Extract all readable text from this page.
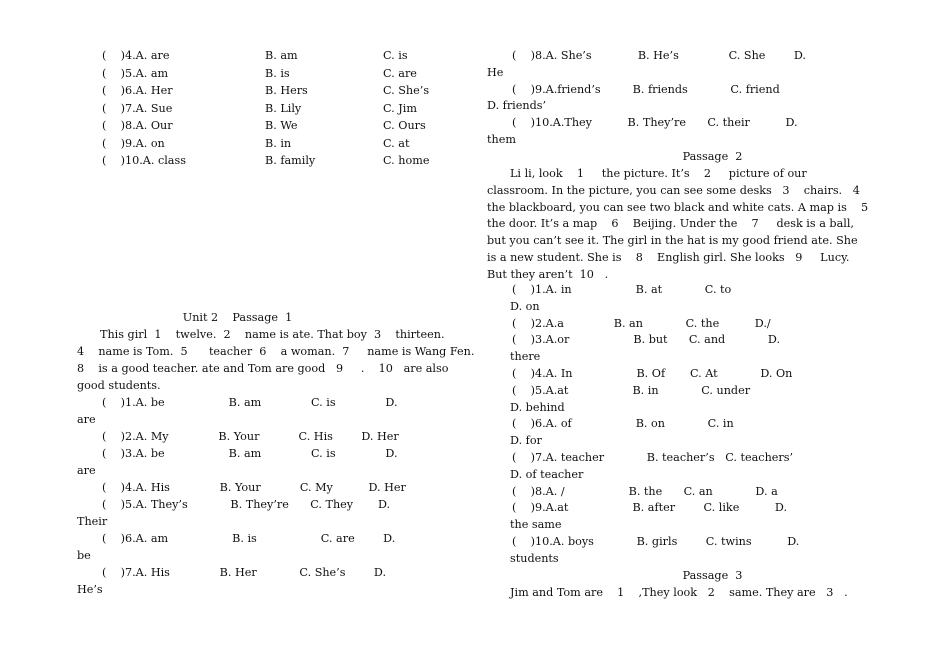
(    )4.A. are	B. am	C. is
(    )5.A. am	B. is	C. are
(    )6.A. Her	B. Hers	C. She’s
(    )7.A. Sue	B. Lily	C. Jim
(    )8.A. Our	B. We	C. Ours
(    )9.A. on	B. in	C. at
(    )10.A. class	B. family	C. home
Unit 2    Passage  1
This girl  1    twelve.  2    name is ate. That boy  3    thirteen.
4    name is Tom.  5      teacher  6    a woman.  7     name is Wang Fen.
8    is a good teacher. ate and Tom are good   9     .    10   are also
good students.
(    )1.A. be                  B. am              C. is              D.
are
(    )2.A. My              B. Your           C. His        D. Her
(    )3.A. be                  B. am              C. is              D.
are
(    )4.A. His              B. Your           C. My          D. Her
(    )5.A. They’s            B. They’re      C. They       D.
Their
(    )6.A. am                  B. is                  C. are        D.
be
(    )7.A. His              B. Her            C. She’s        D.
He’s
(    )8.A. She’s             B. He’s              C. She        D.
He
(    )9.A.friend’s         B. friends            C. friend
D. friends’
(    )10.A.They          B. They’re      C. their          D.
them
Passage  2
Li li, look    1     the picture. It’s    2     picture of our
classroom. In the picture, you can see some desks   3    chairs.   4
the blackboard, you can see two black and white cats. A map is    5
the door. It’s a map    6    Beijing. Under the    7     desk is a ball,
but you can’t see it. The girl in the hat is my good friend ate. She
is a new student. She is    8    English girl. She looks   9     Lucy.
But they aren’t  10   .
(    )1.A. in                  B. at            C. to
D. on
(    )2.A.a              B. an            C. the          D./
(    )3.A.or                  B. but      C. and            D.
there
(    )4.A. In                  B. Of       C. At            D. On
(    )5.A.at                  B. in            C. under
D. behind
(    )6.A. of                  B. on            C. in
D. for
(    )7.A. teacher            B. teacher’s   C. teachers’
D. of teacher
(    )8.A. /                  B. the      C. an            D. a
(    )9.A.at                  B. after        C. like          D.
the same
(    )10.A. boys            B. girls        C. twins          D.
students
Passage  3
Jim and Tom are    1    ,They look   2    same. They are   3   .
